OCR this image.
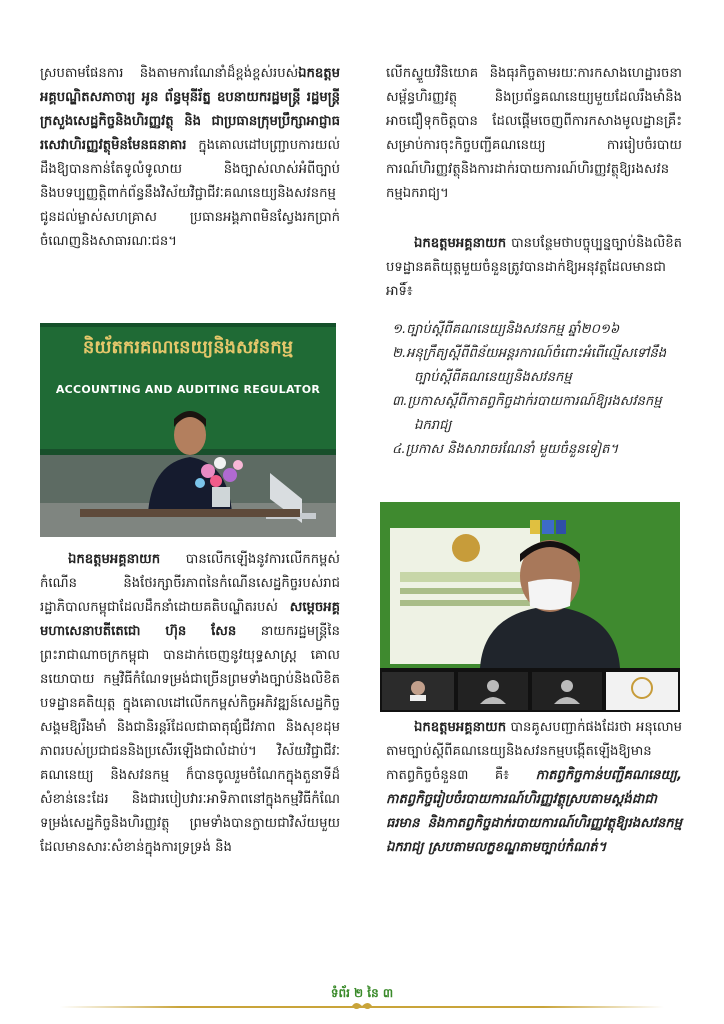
ស្របតាមផែនការ និងតាមការណែនាំដ៏ខ្ពង់ខ្ពស់របស់ឯកឧត្តមអគ្គបណ្ឌិតសភាចារ្យ អូន ព័ន្ធមុនីរ័ត្ន ឧបនាយករដ្ឋមន្ត្រី រដ្ឋមន្ត្រីក្រសួងសេដ្ឋកិច្ចនិងហិរញ្ញវត្ថុ និង ជាប្រធានក្រុមប្រឹក្សាអាជ្ញាធរសេវាហិរញ្ញវត្ថុមិនមែនធនាគារ ក្នុងគោលដៅបញ្ជ្រាបការយល់ដឹងឱ្យបានកាន់តែទូលំទូលាយ និងច្បាស់លាស់អំពីច្បាប់និងបទប្បញ្ញត្តិពាក់ព័ន្ធនឹងវិស័យវិជ្ជាជីវៈគណនេយ្យនិងសវនកម្ម ជូនដល់ម្ចាស់សហគ្រាស ប្រធានអង្គភាពមិនស្វែងរកប្រាក់ចំណេញនិងសាធារណៈជន។

និយ័តករគណនេយ្យនិងសវនកម្ម
ACCOUNTING AND AUDITING REGULATOR

ឯកឧត្តមអគ្គនាយក បានលើកឡើងនូវការលើកកម្ពស់កំណើន និងថែរក្សាចីរភាពនៃកំណើនសេដ្ឋកិច្ចរបស់រាជរដ្ឋាភិបាលកម្ពុជាដែលដឹកនាំដោយគតិបណ្ឌិតរបស់ សម្តេចអគ្គមហាសេនាបតីតេជោ ហ៊ុន សែន នាយករដ្ឋមន្ត្រីនៃព្រះរាជាណាចក្រកម្ពុជា បានដាក់ចេញនូវយុទ្ធសាស្ត្រ គោលនយោបាយ កម្មវិធីកំណែទម្រង់ជាច្រើនព្រមទាំងច្បាប់និងលិខិតបទដ្ឋានគតិយុត្ត ក្នុងគោលដៅលើកកម្ពស់កិច្ចអភិវឌ្ឍន៍សេដ្ឋកិច្ចសង្គមឱ្យរឹងមាំ និងជានិរន្តរ៍ដែលជាធាតុផ្សំជីវភាព និងសុខដុមភាពរបស់ប្រជាជននិងប្រសើរឡើងជាលំដាប់។ វិស័យវិជ្ជាជីវៈគណនេយ្យ និងសវនកម្ម ក៏បានចូលរួមចំណែកក្នុងតួនាទីដ៏សំខាន់នេះដែរ និងជារបៀបវារៈអាទិភាពនៅក្នុងកម្មវិធីកំណែទម្រង់សេដ្ឋកិច្ចនិងហិរញ្ញវត្ថុ ព្រមទាំងបានក្លាយជាវិស័យមួយដែលមានសារៈសំខាន់ក្នុងការទ្រទ្រង់ និង

លើកស្ទួយវិនិយោគ និងធុរកិច្ចតាមរយៈការកសាងហេដ្ឋារចនាសម្ព័ន្ធហិរញ្ញវត្ថុ និងប្រព័ន្ធគណនេយ្យមួយដែលរឹងមាំនិងអាចជឿទុកចិត្តបាន ដែលផ្តើមចេញពីការកសាងមូលដ្ឋានគ្រឹះសម្រាប់ការចុះកិច្ចបញ្ជីគណនេយ្យ ការរៀបចំរបាយការណ៍ហិរញ្ញវត្ថុនិងការដាក់របាយការណ៍ហិរញ្ញវត្ថុឱ្យរងសវនកម្មឯករាជ្យ។

ឯកឧត្តមអគ្គនាយក បានបន្ថែមថាបច្ចុប្បន្នច្បាប់និងលិខិតបទដ្ឋានគតិយុត្តមួយចំនួនត្រូវបានដាក់ឱ្យអនុវត្តដែលមានជាអាទិ៍៖

១.ច្បាប់ស្តីពីគណនេយ្យនិងសវនកម្ម ឆ្នាំ២០១៦
២.អនុក្រឹត្យស្តីពីពិន័យអន្តរការណ៍ចំពោះអំពើល្មើសទៅនឹងច្បាប់ស្តីពីគណនេយ្យនិងសវនកម្ម
៣.ប្រកាសស្តីពីកាតព្វកិច្ចដាក់របាយការណ៍ឱ្យរងសវនកម្មឯករាជ្យ
៤.ប្រកាស និងសារាចរណែនាំ មួយចំនួនទៀត។

ឯកឧត្តមអគ្គនាយក បានគូសបញ្ជាក់ផងដែរថា អនុលោមតាមច្បាប់ស្តីពីគណនេយ្យនិងសវនកម្មបង្កើតឡើងឱ្យមានកាតព្វកិច្ចចំនួន៣ គឺ៖ កាតព្វកិច្ចកាន់បញ្ជីគណនេយ្យ, កាតព្វកិច្ចរៀបចំរបាយការណ៍ហិរញ្ញវត្ថុស្របតាមស្តង់ដាជាធរមាន និងកាតព្វកិច្ចដាក់របាយការណ៍ហិរញ្ញវត្ថុឱ្យរងសវនកម្មឯករាជ្យ ស្របតាមលក្ខខណ្ឌតាមច្បាប់កំណត់។

ទំព័រ ២ នៃ ៣
